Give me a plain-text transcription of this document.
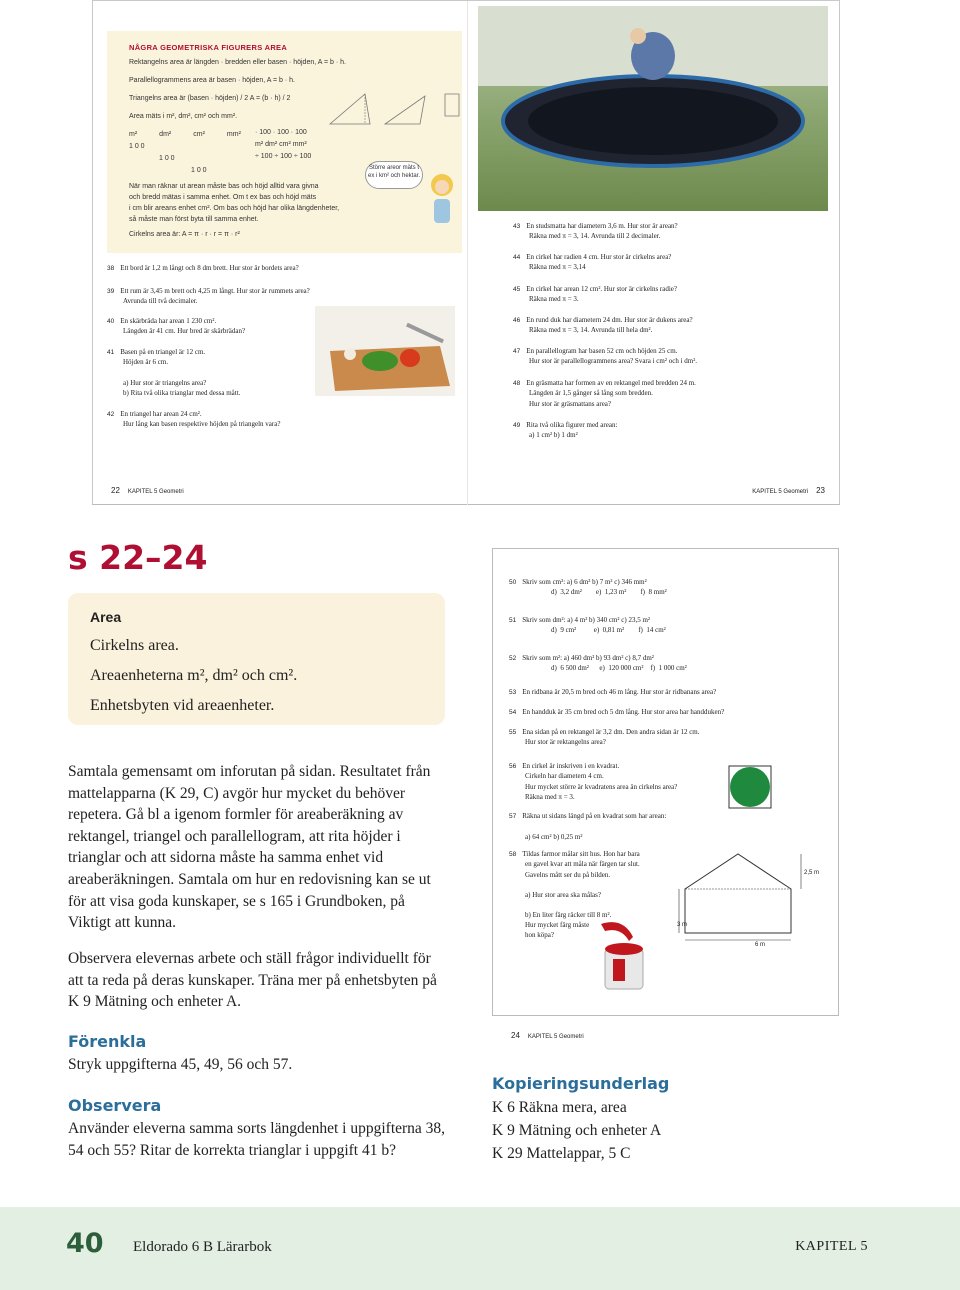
NÅGRA GEOMETRISKA FIGURERS AREA
Rektangelns area är längden · bredden eller basen · höjden, A = b · h.
Parallellogrammens area är basen · höjden, A = b · h.
Triangelns area är (basen · höjden) / 2 A = (b · h) / 2
Area mäts i m², dm², cm² och mm².
m²	dm²	cm²	mm²
1 0 0
1 0 0
1 0 0
· 100 · 100 · 100
m² dm² cm² mm²
÷ 100 ÷ 100 ÷ 100
Större areor mäts t ex i km² och hektar.
När man räknar ut arean måste bas och höjd alltid vara givna
och bredd mätas i samma enhet. Om t ex bas och höjd mäts
i cm blir areans enhet cm². Om bas och höjd har olika längdenheter,
så måste man först byta till samma enhet.
Cirkelns area är: A = π · r · r = π · r²
38 Ett bord är 1,2 m långt och 8 dm brett. Hur stor är bordets area?
39 Ett rum är 3,45 m brett och 4,25 m långt. Hur stor är rummets area?
Avrunda till två decimaler.
40 En skärbräda har arean 1 230 cm².
Längden är 41 cm. Hur bred är skärbrädan?
41 Basen på en triangel är 12 cm.
Höjden är 6 cm.

a) Hur stor är triangelns area?
b) Rita två olika trianglar med dessa mått.
42 En triangel har arean 24 cm².
Hur lång kan basen respektive höjden på triangeln vara?
43 En studsmatta har diametern 3,6 m. Hur stor är arean?
Räkna med π = 3, 14. Avrunda till 2 decimaler.
44 En cirkel har radien 4 cm. Hur stor är cirkelns area?
Räkna med π = 3,14
45 En cirkel har arean 12 cm². Hur stor är cirkelns radie?
Räkna med π = 3.
46 En rund duk har diametern 24 dm. Hur stor är dukens area?
Räkna med π = 3, 14. Avrunda till hela dm².
47 En parallellogram har basen 52 cm och höjden 25 cm.
Hur stor är parallellogrammens area? Svara i cm² och i dm².
48 En gräsmatta har formen av en rektangel med bredden 24 m.
Längden är 1,5 gånger så lång som bredden.
Hur stor är gräsmattans area?
49 Rita två olika figurer med arean:
a) 1 cm² b) 1 dm²
22 KAPITEL 5 Geometri	KAPITEL 5 Geometri 23
s 22–24
Area
Cirkelns area.
Areaenheterna m², dm² och cm².
Enhetsbyten vid areaenheter.
Samtala gemensamt om inforutan på sidan. Resultatet från mattelapparna (K 29, C) avgör hur mycket du behöver repetera. Gå bl a igenom formler för areaberäkning av rektangel, triangel och parallellogram, att rita höjder i trianglar och att sidorna måste ha samma enhet vid areaberäkningen. Samtala om hur en redovisning kan se ut för att visa goda kunskaper, se s 165 i Grundboken, på Viktigt att kunna.
Observera elevernas arbete och ställ frågor individuellt för att ta reda på deras kunskaper. Träna mer på enhetsbyten på K 9 Mätning och enheter A.
Förenkla
Stryk uppgifterna 45, 49, 56 och 57.
Observera
Använder eleverna samma sorts längdenhet i uppgifterna 38, 54 och 55? Ritar de korrekta trianglar i uppgift 41 b?
50 Skriv som cm²: a) 6 dm² b) 7 m² c) 346 mm²
d)  3,2 dm²        e)  1,23 m²        f)  8 mm²
51 Skriv som dm²: a) 4 m² b) 340 cm² c) 23,5 m²
d)  9 cm²          e)  0,81 m²        f)  14 cm²
52 Skriv som m²: a) 460 dm² b) 93 dm² c) 8,7 dm²
d)  6 500 dm²      e)  120 000 cm²    f)  1 000 cm²
53 En ridbana är 20,5 m bred och 46 m lång. Hur stor är ridbanans area?
54 En handduk är 35 cm bred och 5 dm lång. Hur stor area har handduken?
55 Ena sidan på en rektangel är 3,2 dm. Den andra sidan är 12 cm.
Hur stor är rektangelns area?
56 En cirkel är inskriven i en kvadrat.
Cirkeln har diametern 4 cm.
Hur mycket större är kvadratens area än cirkelns area?
Räkna med π = 3.
57 Räkna ut sidans längd på en kvadrat som har arean:

a) 64 cm² b) 0,25 m²
58 Tildas farmor målar sitt hus. Hon har bara
en gavel kvar att måla när färgen tar slut.
Gavelns mått ser du på bilden.

a) Hur stor area ska målas?

b) En liter färg räcker till 8 m².
Hur mycket färg måste
hon köpa?
2,5 m
3 m
6 m
24 KAPITEL 5 Geometri
Kopieringsunderlag
K 6 Räkna mera, area
K 9 Mätning och enheter A
K 29 Mattelappar, 5 C
40 Eldorado 6 B Lärarbok	KAPITEL 5
